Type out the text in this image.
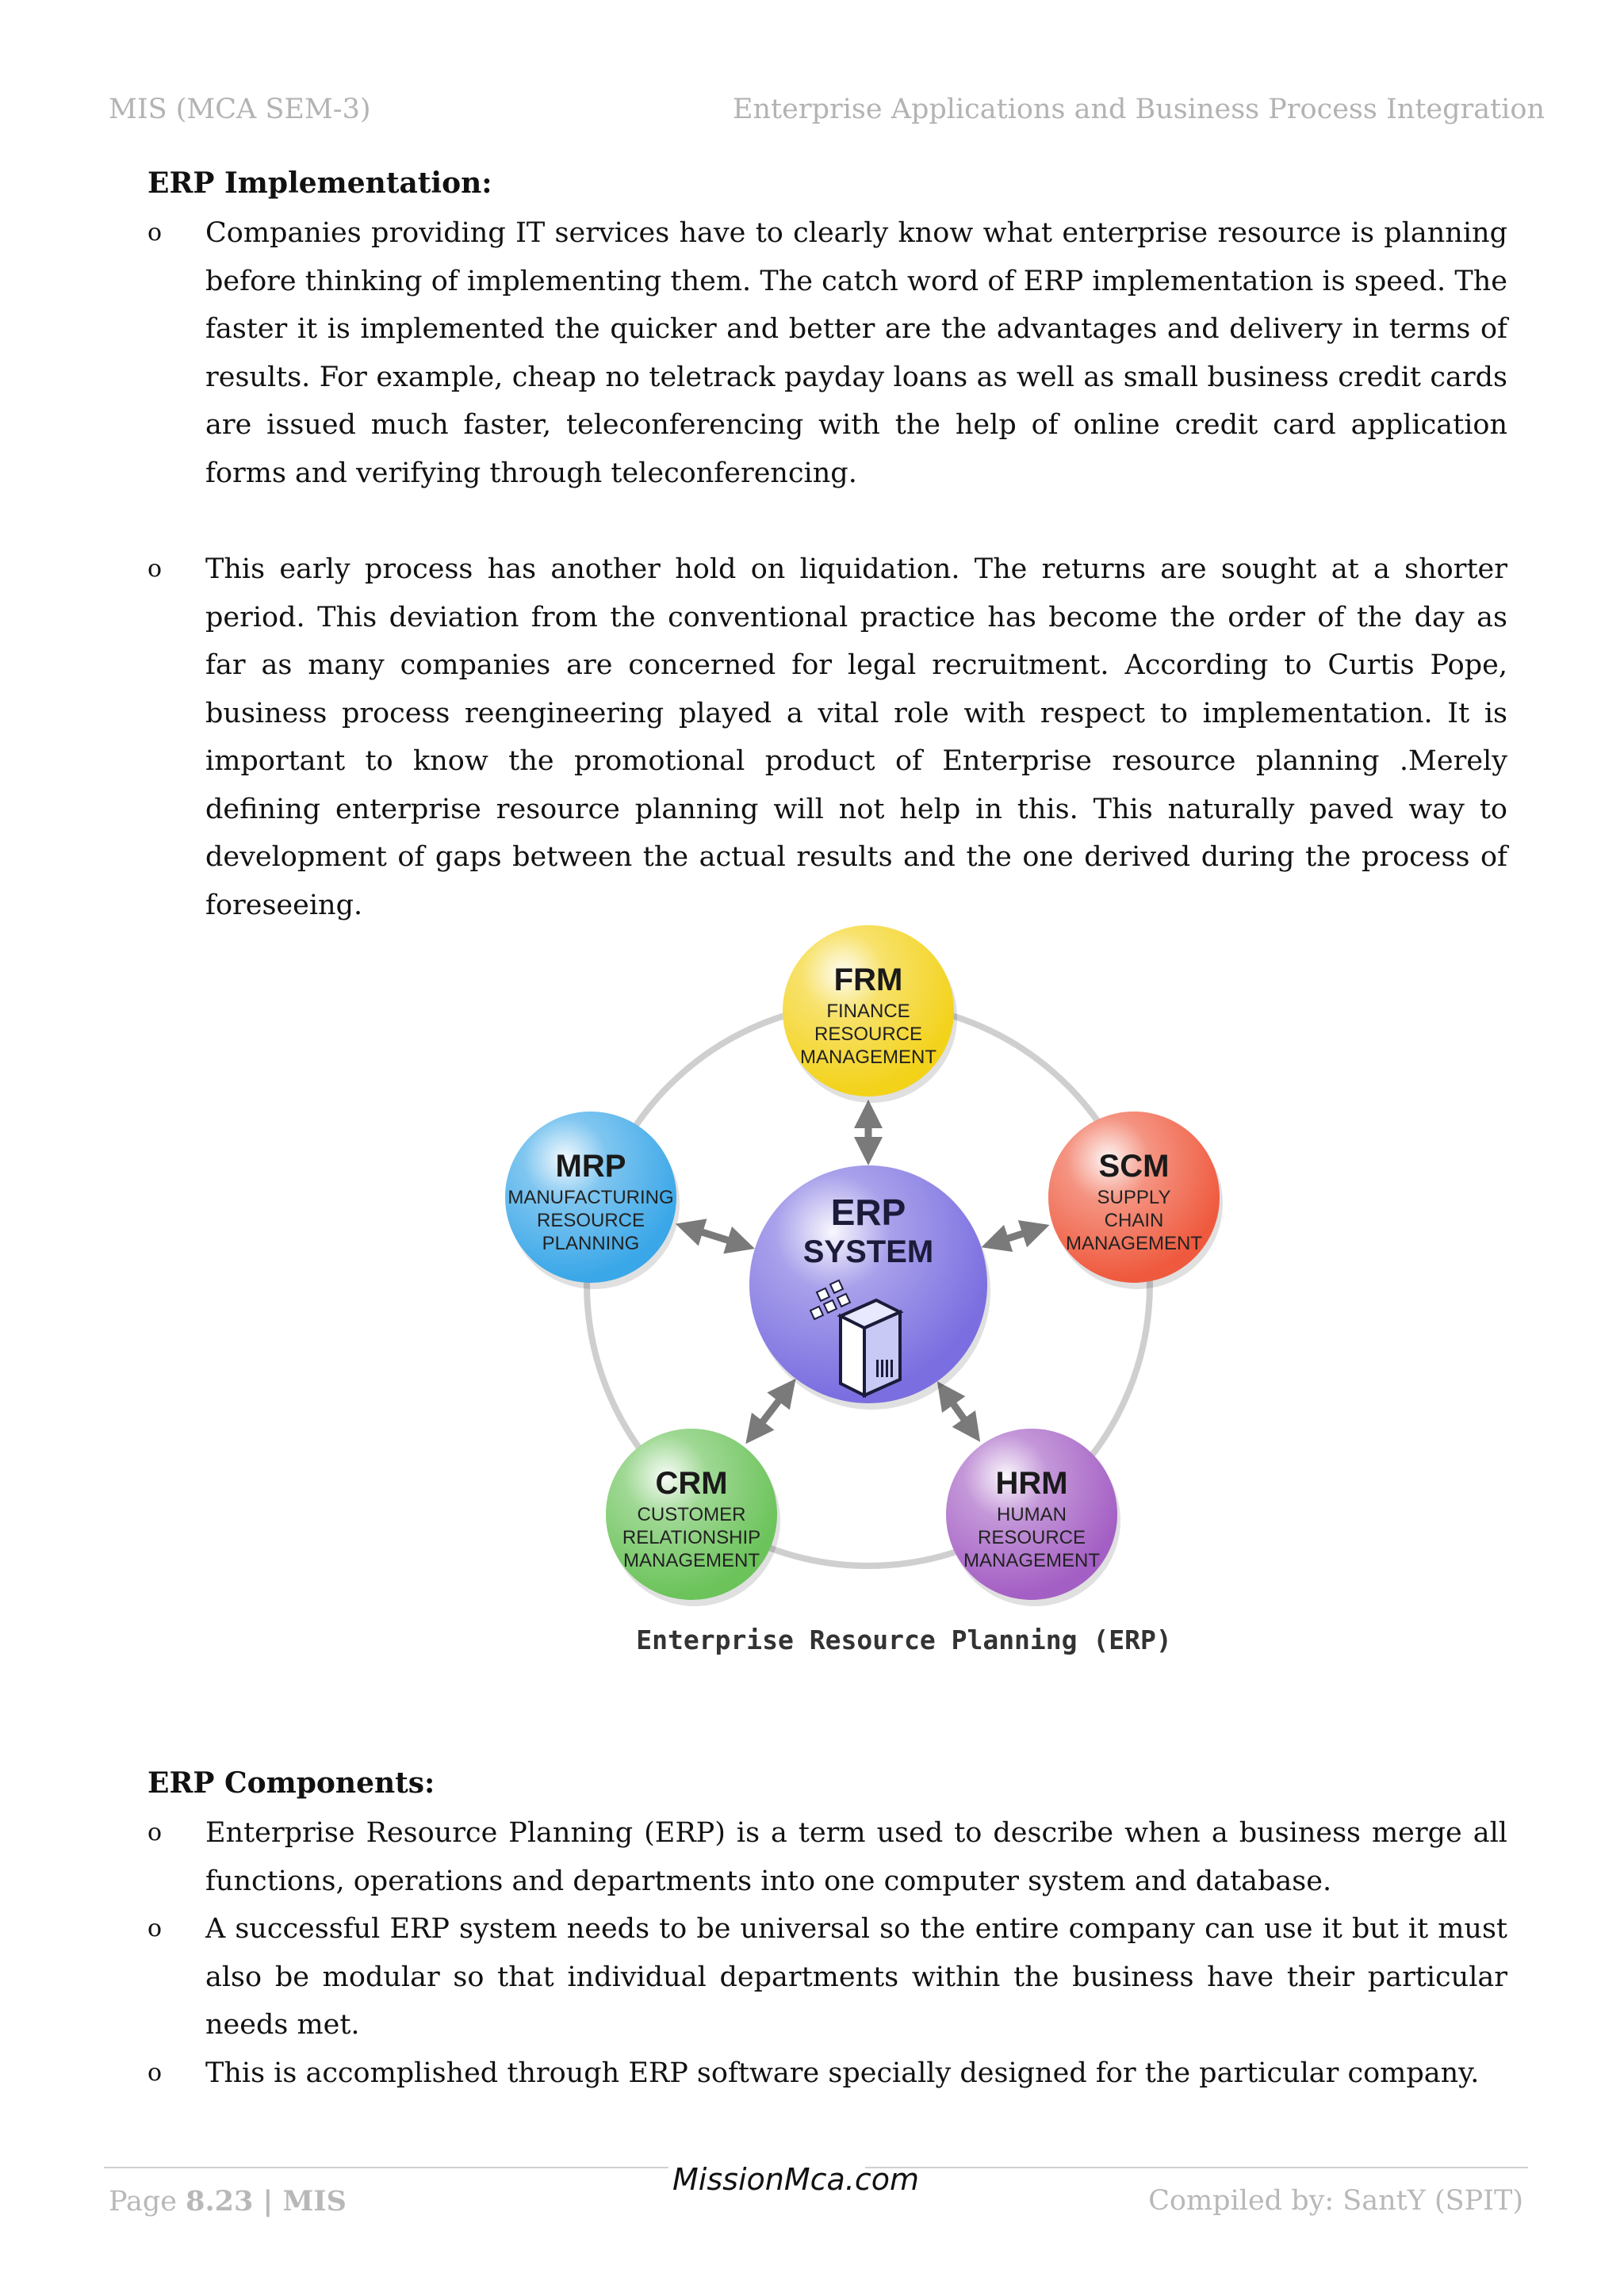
MIS (MCA SEM-3)	Enterprise Applications and Business Process Integration
ERP Implementation:
o Companies providing IT services have to clearly know what enterprise resource is planning before thinking of implementing them. The catch word of ERP implementation is speed. The faster it is implemented the quicker and better are the advantages and delivery in terms of results. For example, cheap no teletrack payday loans as well as small business credit cards are issued much faster, teleconferencing with the help of online credit card application forms and verifying through teleconferencing.
o This early process has another hold on liquidation. The returns are sought at a shorter period. This deviation from the conventional practice has become the order of the day as far as many companies are concerned for legal recruitment. According to Curtis Pope, business process reengineering played a vital role with respect to implementation. It is important to know the promotional product of Enterprise resource planning .Merely defining enterprise resource planning will not help in this. This naturally paved way to development of gaps between the actual results and the one derived during the process of foreseeing.
FRM
FINANCE
RESOURCE
MANAGEMENT
SCM
SUPPLY
CHAIN
MANAGEMENT
HRM
HUMAN
RESOURCE
MANAGEMENT
CRM
CUSTOMER
RELATIONSHIP
MANAGEMENT
MRP
MANUFACTURING
RESOURCE
PLANNING
ERP
SYSTEM
Enterprise Resource Planning (ERP)
ERP Components:
o Enterprise Resource Planning (ERP) is a term used to describe when a business merge all functions, operations and departments into one computer system and database.
o A successful ERP system needs to be universal so the entire company can use it but it must also be modular so that individual departments within the business have their particular needs met.
o This is accomplished through ERP software specially designed for the particular company.
Page 8.23 | MIS
MissionMca.com
Compiled by: SantY (SPIT)
